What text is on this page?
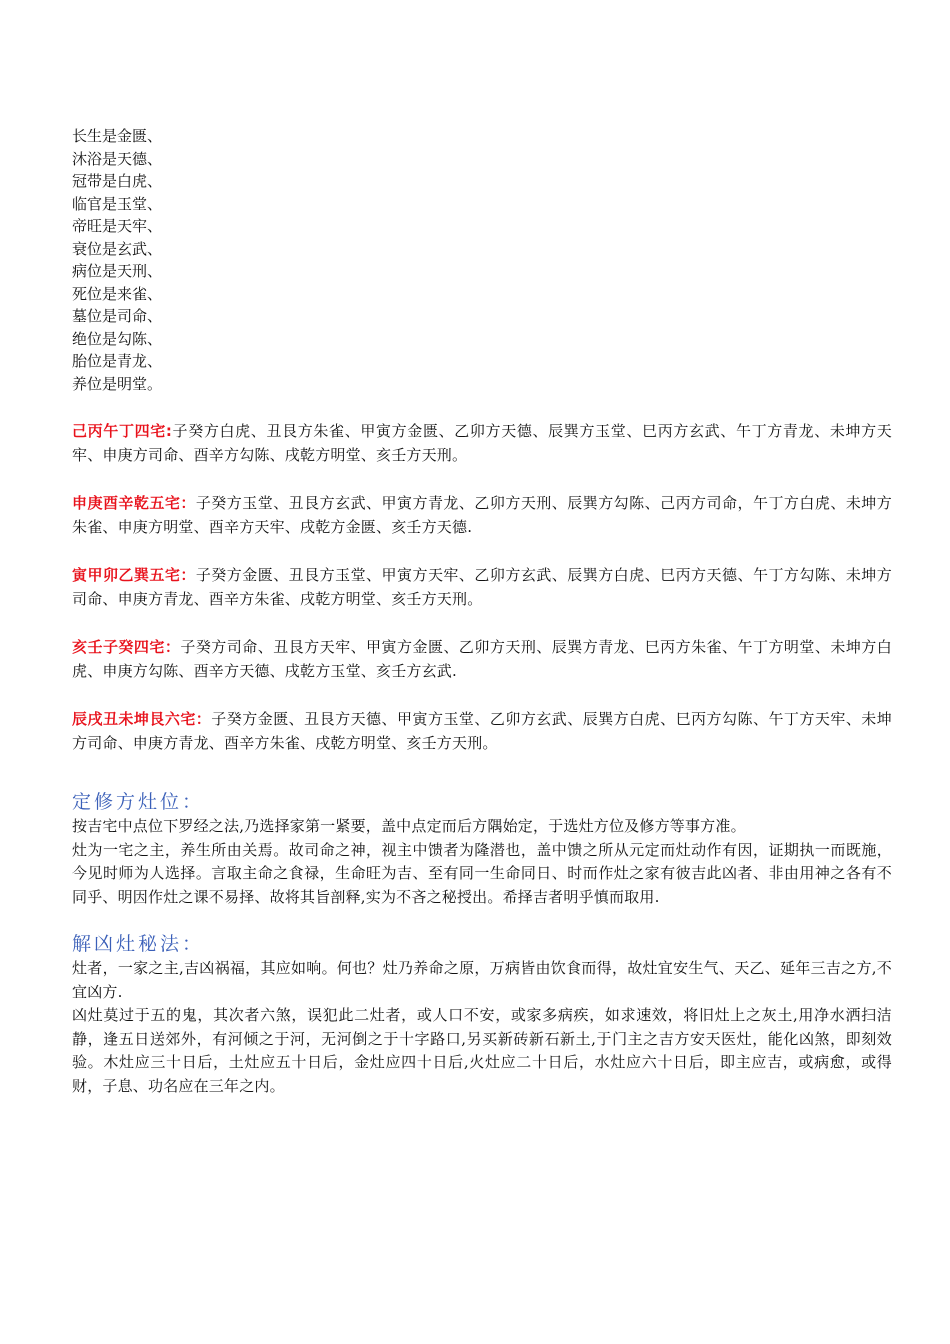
长生是金匮、
沐浴是天德、
冠带是白虎、
临官是玉堂、
帝旺是天牢、
衰位是玄武、
病位是天刑、
死位是来雀、
墓位是司命、
绝位是勾陈、
胎位是青龙、
养位是明堂。
己丙午丁四宅:子癸方白虎、丑艮方朱雀、甲寅方金匮、乙卯方天德、辰巽方玉堂、巳丙方玄武、午丁方青龙、未坤方天牢、申庚方司命、酉辛方勾陈、戌乾方明堂、亥壬方天刑。
申庚酉辛乾五宅：子癸方玉堂、丑艮方玄武、甲寅方青龙、乙卯方天刑、辰巽方勾陈、己丙方司命，午丁方白虎、未坤方朱雀、申庚方明堂、酉辛方天牢、戌乾方金匮、亥壬方天德.
寅甲卯乙巽五宅：子癸方金匮、丑艮方玉堂、甲寅方天牢、乙卯方玄武、辰巽方白虎、巳丙方天德、午丁方勾陈、未坤方司命、申庚方青龙、酉辛方朱雀、戌乾方明堂、亥壬方天刑。
亥壬子癸四宅：子癸方司命、丑艮方天牢、甲寅方金匮、乙卯方天刑、辰巽方青龙、巳丙方朱雀、午丁方明堂、未坤方白虎、申庚方勾陈、酉辛方天德、戌乾方玉堂、亥壬方玄武.
辰戌丑未坤艮六宅：子癸方金匮、丑艮方天德、甲寅方玉堂、乙卯方玄武、辰巽方白虎、巳丙方勾陈、午丁方天牢、未坤方司命、申庚方青龙、酉辛方朱雀、戌乾方明堂、亥壬方天刑。
定修方灶位：

按吉宅中点位下罗经之法,乃选择家第一紧要，盖中点定而后方隅始定，于选灶方位及修方等事方准。

灶为一宅之主，养生所由关焉。故司命之神，视主中馈者为隆潜也，盖中馈之所从元定而灶动作有因，证期执一而既施，今见时师为人选择。言取主命之食禄，生命旺为吉、至有同一生命同日、时而作灶之家有彼吉此凶者、非由用神之各有不同乎、明因作灶之课不易择、故将其旨剖释,实为不吝之秘授出。希择吉者明乎慎而取用.

解凶灶秘法：

灶者，一家之主,吉凶祸福，其应如响。何也？灶乃养命之原，万病皆由饮食而得，故灶宜安生气、天乙、延年三吉之方,不宜凶方.

凶灶莫过于五的鬼，其次者六煞，误犯此二灶者，或人口不安，或家多病疾，如求速效，将旧灶上之灰土,用净水洒扫洁静，逢五日送郊外，有河倾之于河，无河倒之于十字路口,另买新砖新石新土,于门主之吉方安天医灶，能化凶煞，即刻效验。木灶应三十日后，土灶应五十日后，金灶应四十日后,火灶应二十日后，水灶应六十日后，即主应吉，或病愈，或得财，子息、功名应在三年之内。
